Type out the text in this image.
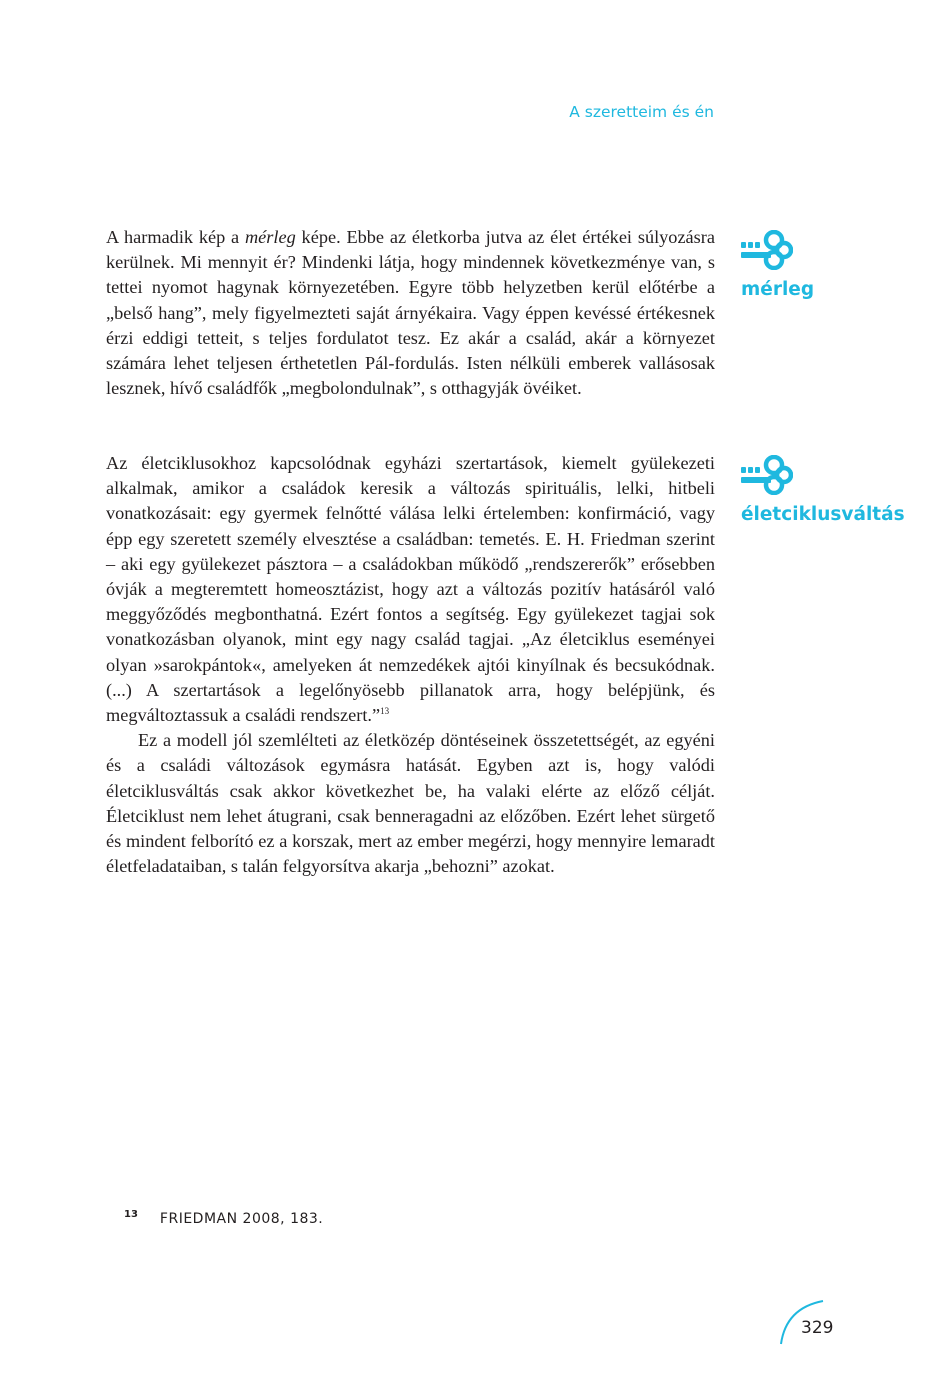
A szeretteim és én

A harmadik kép a mérleg képe. Ebbe az életkorba jutva az élet értékei súlyozásra kerülnek. Mi mennyit ér? Mindenki látja, hogy mindennek következménye van, s tettei nyomot hagynak környezetében. Egyre több helyzetben kerül előtérbe a „belső hang”, mely figyelmezteti saját árnyékaira. Vagy éppen kevéssé értékesnek érzi eddigi tetteit, s teljes fordulatot tesz. Ez akár a család, akár a környezet számára lehet teljesen érthetetlen Pál-fordulás. Isten nélküli emberek vallásosak lesznek, hívő családfők „megbolondulnak”, s otthagyják övéiket.

Az életciklusokhoz kapcsolódnak egyházi szertartások, kiemelt gyülekezeti alkalmak, amikor a családok keresik a változás spirituális, lelki, hitbeli vonatkozásait: egy gyermek felnőtté válása lelki értelemben: konfirmáció, vagy épp egy szeretett személy elvesztése a családban: temetés. E. H. Friedman szerint – aki egy gyülekezet pásztora – a családokban működő „rendszererők” erősebben óvják a megteremtett homeosztázist, hogy azt a változás pozitív hatásáról való meggyőződés megbonthatná. Ezért fontos a segítség. Egy gyülekezet tagjai sok vonatkozásban olyanok, mint egy nagy család tagjai. „Az életciklus eseményei olyan »sarokpántok«, amelyeken át nemzedékek ajtói kinyílnak és becsukódnak. (...) A szertartások a legelőnyösebb pillanatok arra, hogy belépjünk, és megváltoztassuk a családi rendszert.”$^{13}$

Ez a modell jól szemlélteti az életközép döntéseinek összetettségét, az egyéni és a családi változások egymásra hatását. Egyben azt is, hogy valódi életciklusváltás csak akkor következhet be, ha valaki elérte az előző célját. Életciklust nem lehet átugrani, csak benneragadni az előzőben. Ezért lehet sürgető és mindent felborító ez a korszak, mert az ember megérzi, hogy mennyire lemaradt életfeladataiban, s talán felgyorsítva akarja „behozni” azokat.

mérleg
életciklusváltás
$^{13}$ FRIEDMAN 2008, 183.
329
